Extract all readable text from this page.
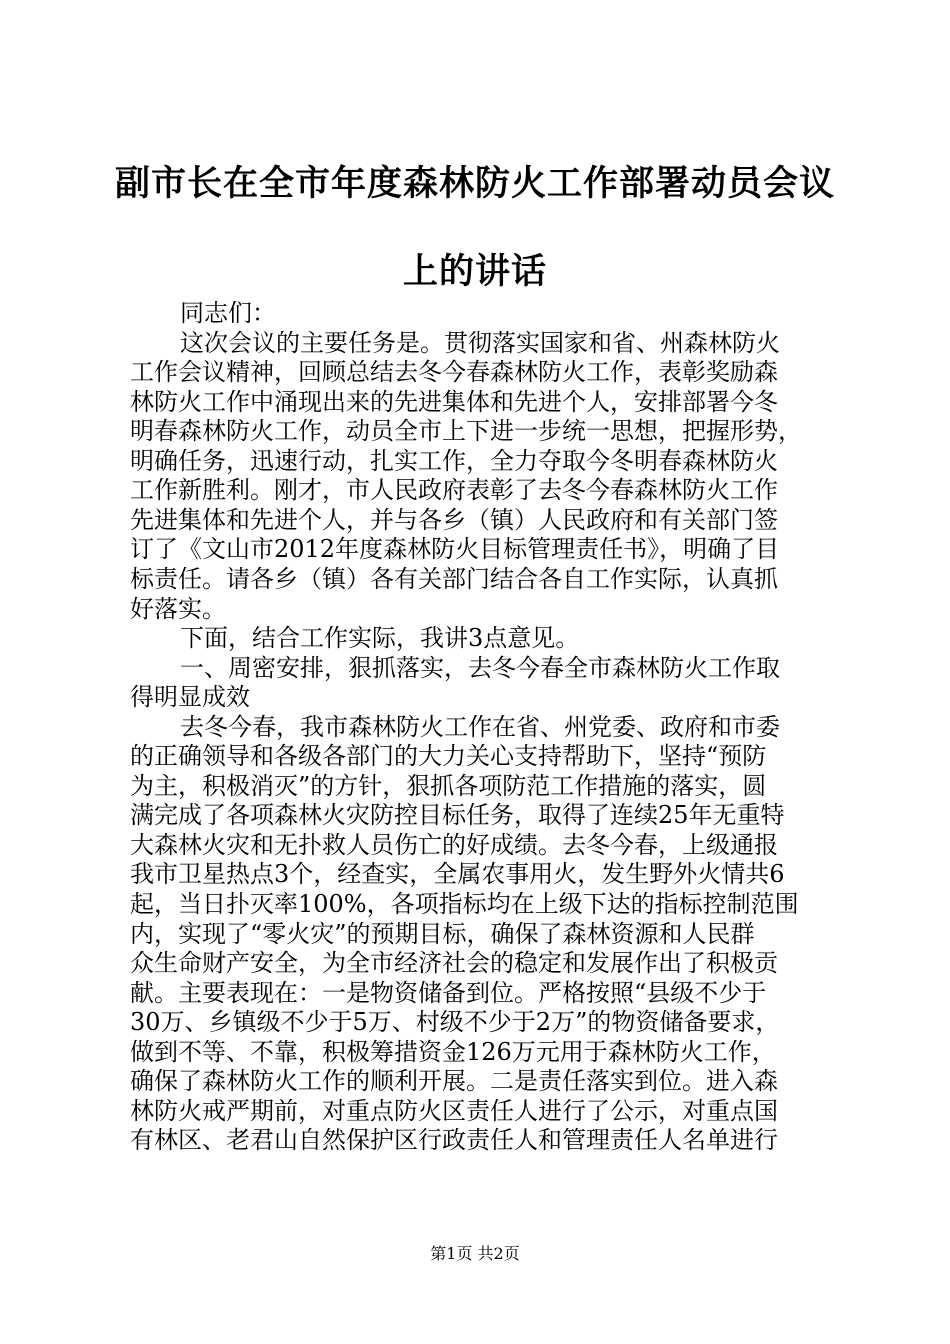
副市长在全市年度森林防火工作部署动员会议
上的讲话
同志们：
这次会议的主要任务是。贯彻落实国家和省、州森林防火
工作会议精神，回顾总结去冬今春森林防火工作，表彰奖励森
林防火工作中涌现出来的先进集体和先进个人，安排部署今冬
明春森林防火工作，动员全市上下进一步统一思想，把握形势，
明确任务，迅速行动，扎实工作，全力夺取今冬明春森林防火
工作新胜利。刚才，市人民政府表彰了去冬今春森林防火工作
先进集体和先进个人，并与各乡（镇）人民政府和有关部门签
订了《文山市2012年度森林防火目标管理责任书》，明确了目
标责任。请各乡（镇）各有关部门结合各自工作实际，认真抓
好落实。
下面，结合工作实际，我讲3点意见。
一、周密安排，狠抓落实，去冬今春全市森林防火工作取
得明显成效
去冬今春，我市森林防火工作在省、州党委、政府和市委
的正确领导和各级各部门的大力关心支持帮助下，坚持“预防
为主，积极消灭”的方针，狠抓各项防范工作措施的落实，圆
满完成了各项森林火灾防控目标任务，取得了连续25年无重特
大森林火灾和无扑救人员伤亡的好成绩。去冬今春，上级通报
我市卫星热点3个，经查实，全属农事用火，发生野外火情共6
起，当日扑灭率100%，各项指标均在上级下达的指标控制范围
内，实现了“零火灾”的预期目标，确保了森林资源和人民群
众生命财产安全，为全市经济社会的稳定和发展作出了积极贡
献。主要表现在：一是物资储备到位。严格按照“县级不少于
30万、乡镇级不少于5万、村级不少于2万”的物资储备要求，
做到不等、不靠，积极筹措资金126万元用于森林防火工作，
确保了森林防火工作的顺利开展。二是责任落实到位。进入森
林防火戒严期前，对重点防火区责任人进行了公示，对重点国
有林区、老君山自然保护区行政责任人和管理责任人名单进行
第1页 共2页
